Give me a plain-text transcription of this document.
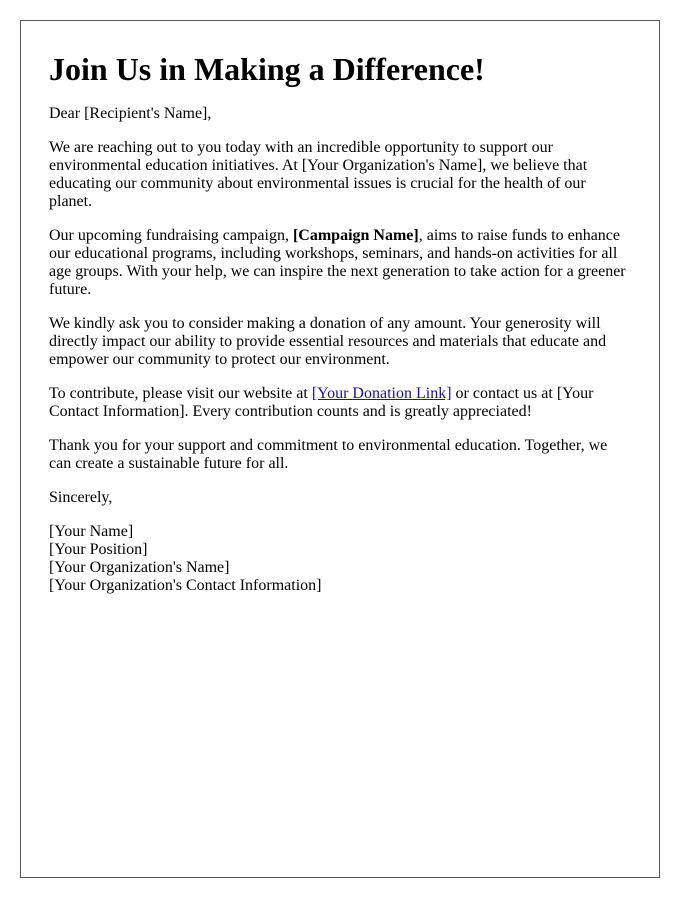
Join Us in Making a Difference!

Dear [Recipient's Name],

We are reaching out to you today with an incredible opportunity to support our environmental education initiatives. At [Your Organization's Name], we believe that educating our community about environmental issues is crucial for the health of our planet.

Our upcoming fundraising campaign, [Campaign Name], aims to raise funds to enhance our educational programs, including workshops, seminars, and hands-on activities for all age groups. With your help, we can inspire the next generation to take action for a greener future.

We kindly ask you to consider making a donation of any amount. Your generosity will directly impact our ability to provide essential resources and materials that educate and empower our community to protect our environment.

To contribute, please visit our website at [Your Donation Link] or contact us at [Your Contact Information]. Every contribution counts and is greatly appreciated!

Thank you for your support and commitment to environmental education. Together, we can create a sustainable future for all.

Sincerely,

[Your Name]

[Your Position]

[Your Organization's Name]

[Your Organization's Contact Information]
